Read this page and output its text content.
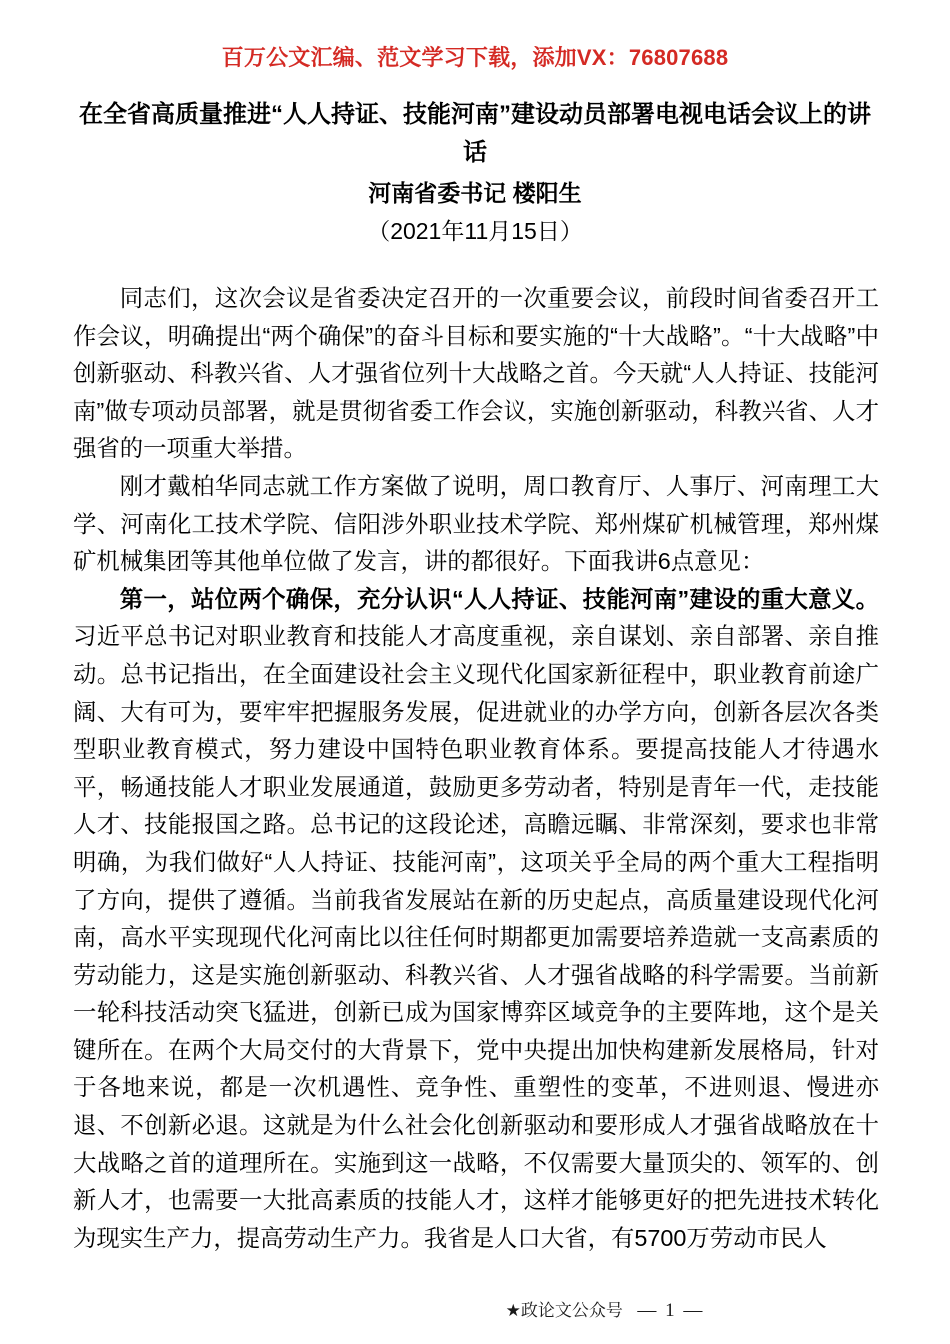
百万公文汇编、范文学习下载，添加VX：76807688
在全省高质量推进“人人持证、技能河南”建设动员部署电视电话会议上的讲话
河南省委书记 楼阳生
（2021年11月15日）

同志们，这次会议是省委决定召开的一次重要会议，前段时间省委召开工作会议，明确提出“两个确保”的奋斗目标和要实施的“十大战略”。“十大战略”中创新驱动、科教兴省、人才强省位列十大战略之首。今天就“人人持证、技能河南”做专项动员部署，就是贯彻省委工作会议，实施创新驱动，科教兴省、人才强省的一项重大举措。

刚才戴柏华同志就工作方案做了说明，周口教育厅、人事厅、河南理工大学、河南化工技术学院、信阳涉外职业技术学院、郑州煤矿机械管理，郑州煤矿机械集团等其他单位做了发言，讲的都很好。下面我讲6点意见：

第一，站位两个确保，充分认识“人人持证、技能河南”建设的重大意义。习近平总书记对职业教育和技能人才高度重视，亲自谋划、亲自部署、亲自推动。总书记指出，在全面建设社会主义现代化国家新征程中，职业教育前途广阔、大有可为，要牢牢把握服务发展，促进就业的办学方向，创新各层次各类型职业教育模式，努力建设中国特色职业教育体系。要提高技能人才待遇水平，畅通技能人才职业发展通道，鼓励更多劳动者，特别是青年一代，走技能人才、技能报国之路。总书记的这段论述，高瞻远瞩、非常深刻，要求也非常明确，为我们做好“人人持证、技能河南”，这项关乎全局的两个重大工程指明了方向，提供了遵循。当前我省发展站在新的历史起点，高质量建设现代化河南，高水平实现现代化河南比以往任何时期都更加需要培养造就一支高素质的劳动能力，这是实施创新驱动、科教兴省、人才强省战略的科学需要。当前新一轮科技活动突飞猛进，创新已成为国家博弈区域竞争的主要阵地，这个是关键所在。在两个大局交付的大背景下，党中央提出加快构建新发展格局，针对于各地来说，都是一次机遇性、竞争性、重塑性的变革，不进则退、慢进亦退、不创新必退。这就是为什么社会化创新驱动和要形成人才强省战略放在十大战略之首的道理所在。实施到这一战略，不仅需要大量顶尖的、领军的、创新人才，也需要一大批高素质的技能人才，这样才能够更好的把先进技术转化为现实生产力，提高劳动生产力。我省是人口大省，有5700万劳动市民人

★政论文公众号 — 1 —
